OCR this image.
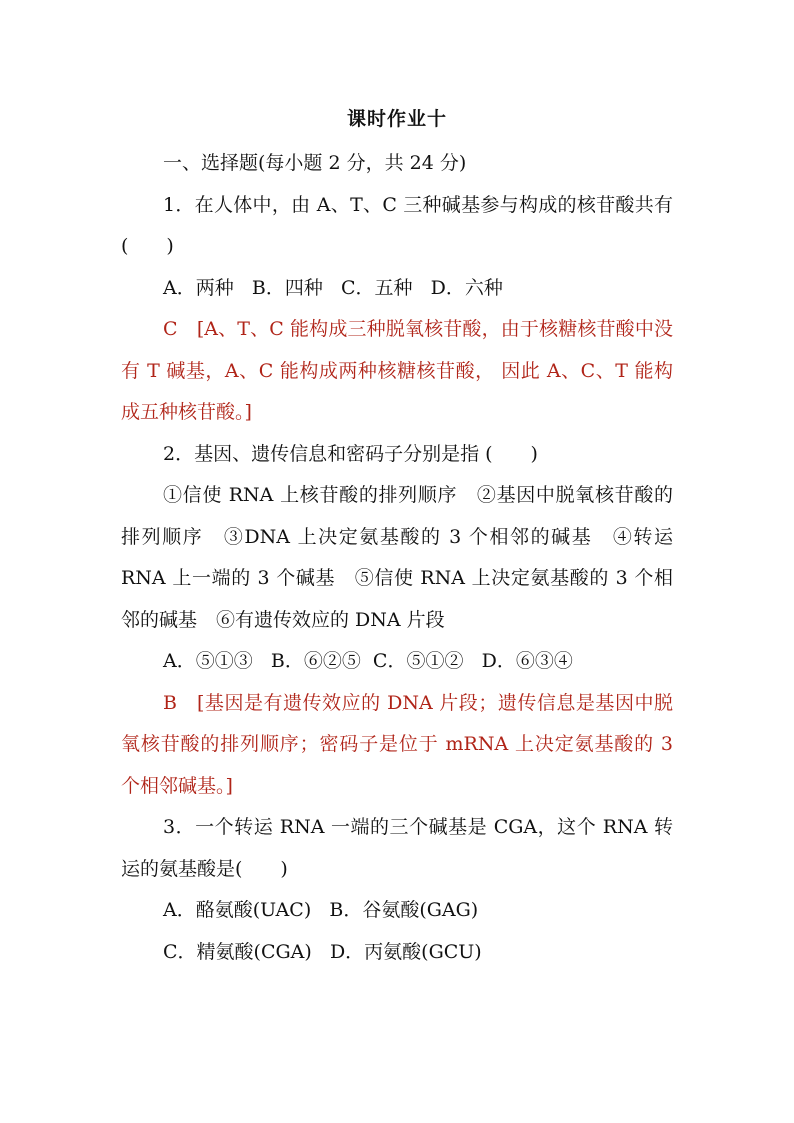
课时作业十

一、选择题(每小题 2 分，共 24 分)

1．在人体中，由 A、T、C 三种碱基参与构成的核苷酸共有(　　)

A．两种 B．四种 C．五种 D．六种

C　[A、T、C 能构成三种脱氧核苷酸，由于核糖核苷酸中没有 T 碱基，A、C 能构成两种核糖核苷酸， 因此 A、C、T 能构成五种核苷酸。]

2．基因、遗传信息和密码子分别是指 (　　)

①信使 RNA 上核苷酸的排列顺序　②基因中脱氧核苷酸的排列顺序　③DNA 上决定氨基酸的 3 个相邻的碱基　④转运 RNA 上一端的 3 个碱基　⑤信使 RNA 上决定氨基酸的 3 个相邻的碱基　⑥有遗传效应的 DNA 片段

A．⑤①③ B．⑥②⑤ C．⑤①② D．⑥③④

B　[基因是有遗传效应的 DNA 片段；遗传信息是基因中脱氧核苷酸的排列顺序；密码子是位于 mRNA 上决定氨基酸的 3 个相邻碱基。]

3．一个转运 RNA 一端的三个碱基是 CGA，这个 RNA 转运的氨基酸是(　　)

A．酪氨酸(UAC) B．谷氨酸(GAG)

C．精氨酸(CGA) D．丙氨酸(GCU)
